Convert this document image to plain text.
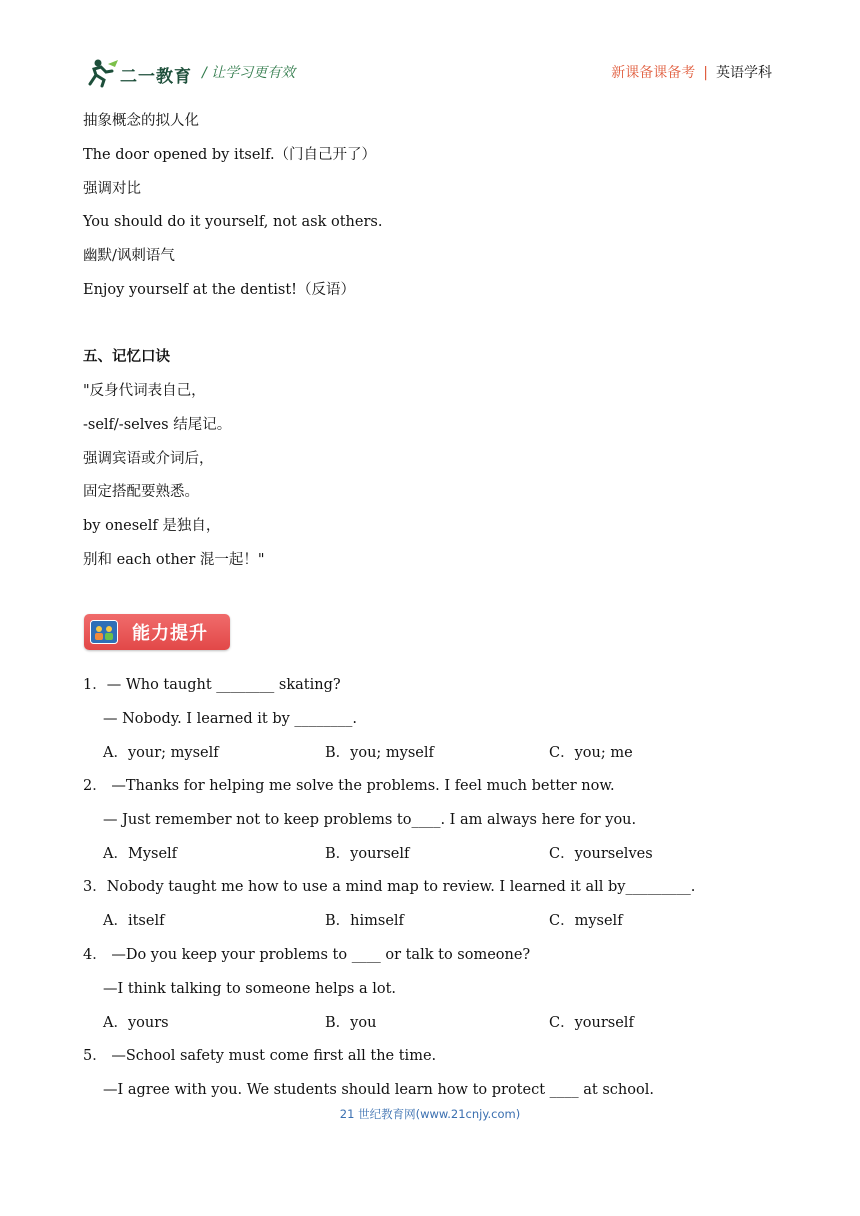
二一教育 / 让学习更有效	新课备课备考 | 英语学科
抽象概念的拟人化
The door opened by itself.（门自己开了）
强调对比
You should do it yourself, not ask others.
幽默/讽刺语气
Enjoy yourself at the dentist!（反语）
五、记忆口诀
"反身代词表自己，
-self/-selves 结尾记。
强调宾语或介词后，
固定搭配要熟悉。
by oneself 是独自，
别和 each other 混一起！"
能力提升
1．— Who taught ________ skating?
— Nobody. I learned it by ________.
A．your; myself	B．you; myself	C．you; me
2． —Thanks for helping me solve the problems. I feel much better now.
— Just remember not to keep problems to____. I am always here for you.
A．Myself	B．yourself	C．yourselves
3．Nobody taught me how to use a mind map to review. I learned it all by_________.
A．itself	B．himself	C．myself
4． —Do you keep your problems to ____ or talk to someone?
—I think talking to someone helps a lot.
A．yours	B．you	C．yourself
5． —School safety must come first all the time.
—I agree with you. We students should learn how to protect ____ at school.
21 世纪教育网(www.21cnjy.com)
